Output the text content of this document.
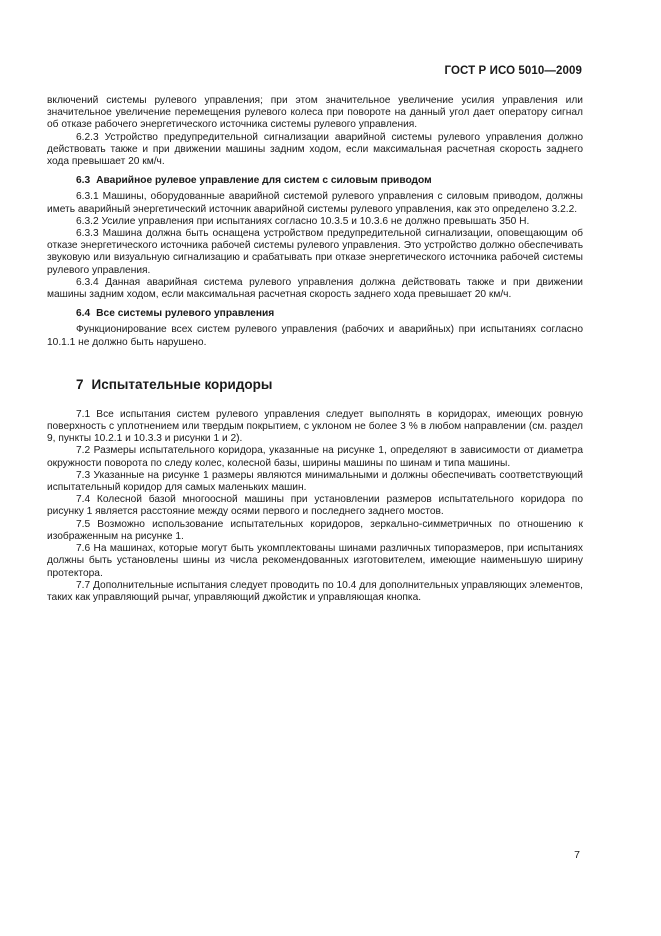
ГОСТ Р ИСО 5010—2009

включений системы рулевого управления; при этом значительное увеличение усилия управления или значительное увеличение перемещения рулевого колеса при повороте на данный угол дает оператору сигнал об отказе рабочего энергетического источника системы рулевого управления.

6.2.3 Устройство предупредительной сигнализации аварийной системы рулевого управления должно действовать также и при движении машины задним ходом, если максимальная расчетная скорость заднего хода превышает 20 км/ч.

6.3 Аварийное рулевое управление для систем с силовым приводом

6.3.1 Машины, оборудованные аварийной системой рулевого управления с силовым приводом, должны иметь аварийный энергетический источник аварийной системы рулевого управления, как это определено 3.2.2.

6.3.2 Усилие управления при испытаниях согласно 10.3.5 и 10.3.6 не должно превышать 350 Н.

6.3.3 Машина должна быть оснащена устройством предупредительной сигнализации, оповещающим об отказе энергетического источника рабочей системы рулевого управления. Это устройство должно обеспечивать звуковую или визуальную сигнализацию и срабатывать при отказе энергетического источника рабочей системы рулевого управления.

6.3.4 Данная аварийная система рулевого управления должна действовать также и при движении машины задним ходом, если максимальная расчетная скорость заднего хода превышает 20 км/ч.

6.4 Все системы рулевого управления

Функционирование всех систем рулевого управления (рабочих и аварийных) при испытаниях согласно 10.1.1 не должно быть нарушено.

7 Испытательные коридоры

7.1 Все испытания систем рулевого управления следует выполнять в коридорах, имеющих ровную поверхность с уплотнением или твердым покрытием, с уклоном не более 3 % в любом направлении (см. раздел 9, пункты 10.2.1 и 10.3.3 и рисунки 1 и 2).

7.2 Размеры испытательного коридора, указанные на рисунке 1, определяют в зависимости от диаметра окружности поворота по следу колес, колесной базы, ширины машины по шинам и типа машины.

7.3 Указанные на рисунке 1 размеры являются минимальными и должны обеспечивать соответствующий испытательный коридор для самых маленьких машин.

7.4 Колесной базой многоосной машины при установлении размеров испытательного коридора по рисунку 1 является расстояние между осями первого и последнего заднего мостов.

7.5 Возможно использование испытательных коридоров, зеркально-симметричных по отношению к изображенным на рисунке 1.

7.6 На машинах, которые могут быть укомплектованы шинами различных типоразмеров, при испытаниях должны быть установлены шины из числа рекомендованных изготовителем, имеющие наименьшую ширину протектора.

7.7 Дополнительные испытания следует проводить по 10.4 для дополнительных управляющих элементов, таких как управляющий рычаг, управляющий джойстик и управляющая кнопка.

7
